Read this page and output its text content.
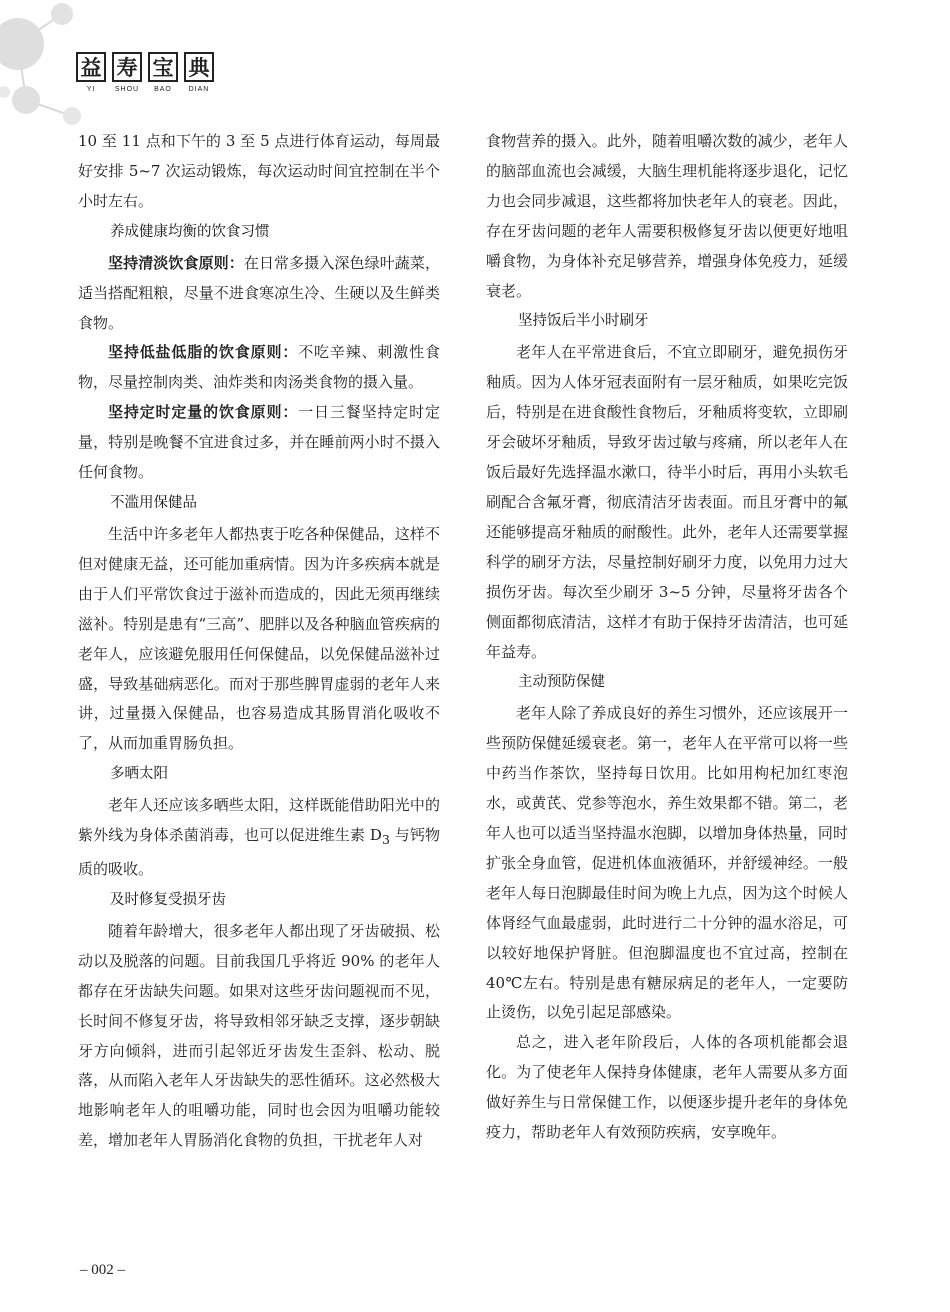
益 寿 宝 典
YI	SHOU	BAO	DIAN

10 至 11 点和下午的 3 至 5 点进行体育运动，每周最好安排 5~7 次运动锻炼，每次运动时间宜控制在半个小时左右。

养成健康均衡的饮食习惯

坚持清淡饮食原则：在日常多摄入深色绿叶蔬菜，适当搭配粗粮，尽量不进食寒凉生冷、生硬以及生鲜类食物。

坚持低盐低脂的饮食原则：不吃辛辣、刺激性食物，尽量控制肉类、油炸类和肉汤类食物的摄入量。

坚持定时定量的饮食原则：一日三餐坚持定时定量，特别是晚餐不宜进食过多，并在睡前两小时不摄入任何食物。

不滥用保健品

生活中许多老年人都热衷于吃各种保健品，这样不但对健康无益，还可能加重病情。因为许多疾病本就是由于人们平常饮食过于滋补而造成的，因此无须再继续滋补。特别是患有“三高”、肥胖以及各种脑血管疾病的老年人，应该避免服用任何保健品，以免保健品滋补过盛，导致基础病恶化。而对于那些脾胃虚弱的老年人来讲，过量摄入保健品，也容易造成其肠胃消化吸收不了，从而加重胃肠负担。

多晒太阳

老年人还应该多晒些太阳，这样既能借助阳光中的紫外线为身体杀菌消毒，也可以促进维生素 $D_3$ 与钙物质的吸收。

及时修复受损牙齿

随着年龄增大，很多老年人都出现了牙齿破损、松动以及脱落的问题。目前我国几乎将近 90% 的老年人都存在牙齿缺失问题。如果对这些牙齿问题视而不见，长时间不修复牙齿，将导致相邻牙缺乏支撑，逐步朝缺牙方向倾斜，进而引起邻近牙齿发生歪斜、松动、脱落，从而陷入老年人牙齿缺失的恶性循环。这必然极大地影响老年人的咀嚼功能，同时也会因为咀嚼功能较差，增加老年人胃肠消化食物的负担，干扰老年人对

食物营养的摄入。此外，随着咀嚼次数的减少，老年人的脑部血流也会减缓，大脑生理机能将逐步退化，记忆力也会同步减退，这些都将加快老年人的衰老。因此，存在牙齿问题的老年人需要积极修复牙齿以便更好地咀嚼食物，为身体补充足够营养，增强身体免疫力，延缓衰老。

坚持饭后半小时刷牙

老年人在平常进食后，不宜立即刷牙，避免损伤牙釉质。因为人体牙冠表面附有一层牙釉质，如果吃完饭后，特别是在进食酸性食物后，牙釉质将变软，立即刷牙会破坏牙釉质，导致牙齿过敏与疼痛，所以老年人在饭后最好先选择温水漱口，待半小时后，再用小头软毛刷配合含氟牙膏，彻底清洁牙齿表面。而且牙膏中的氟还能够提高牙釉质的耐酸性。此外，老年人还需要掌握科学的刷牙方法，尽量控制好刷牙力度，以免用力过大损伤牙齿。每次至少刷牙 3~5 分钟，尽量将牙齿各个侧面都彻底清洁，这样才有助于保持牙齿清洁，也可延年益寿。

主动预防保健

老年人除了养成良好的养生习惯外，还应该展开一些预防保健延缓衰老。第一，老年人在平常可以将一些中药当作茶饮，坚持每日饮用。比如用枸杞加红枣泡水，或黄芪、党参等泡水，养生效果都不错。第二，老年人也可以适当坚持温水泡脚，以增加身体热量，同时扩张全身血管，促进机体血液循环，并舒缓神经。一般老年人每日泡脚最佳时间为晚上九点，因为这个时候人体肾经气血最虚弱，此时进行二十分钟的温水浴足，可以较好地保护肾脏。但泡脚温度也不宜过高，控制在 40℃左右。特别是患有糖尿病足的老年人，一定要防止烫伤，以免引起足部感染。

总之，进入老年阶段后，人体的各项机能都会退化。为了使老年人保持身体健康，老年人需要从多方面做好养生与日常保健工作，以便逐步提升老年的身体免疫力，帮助老年人有效预防疾病，安享晚年。

– 002 –
